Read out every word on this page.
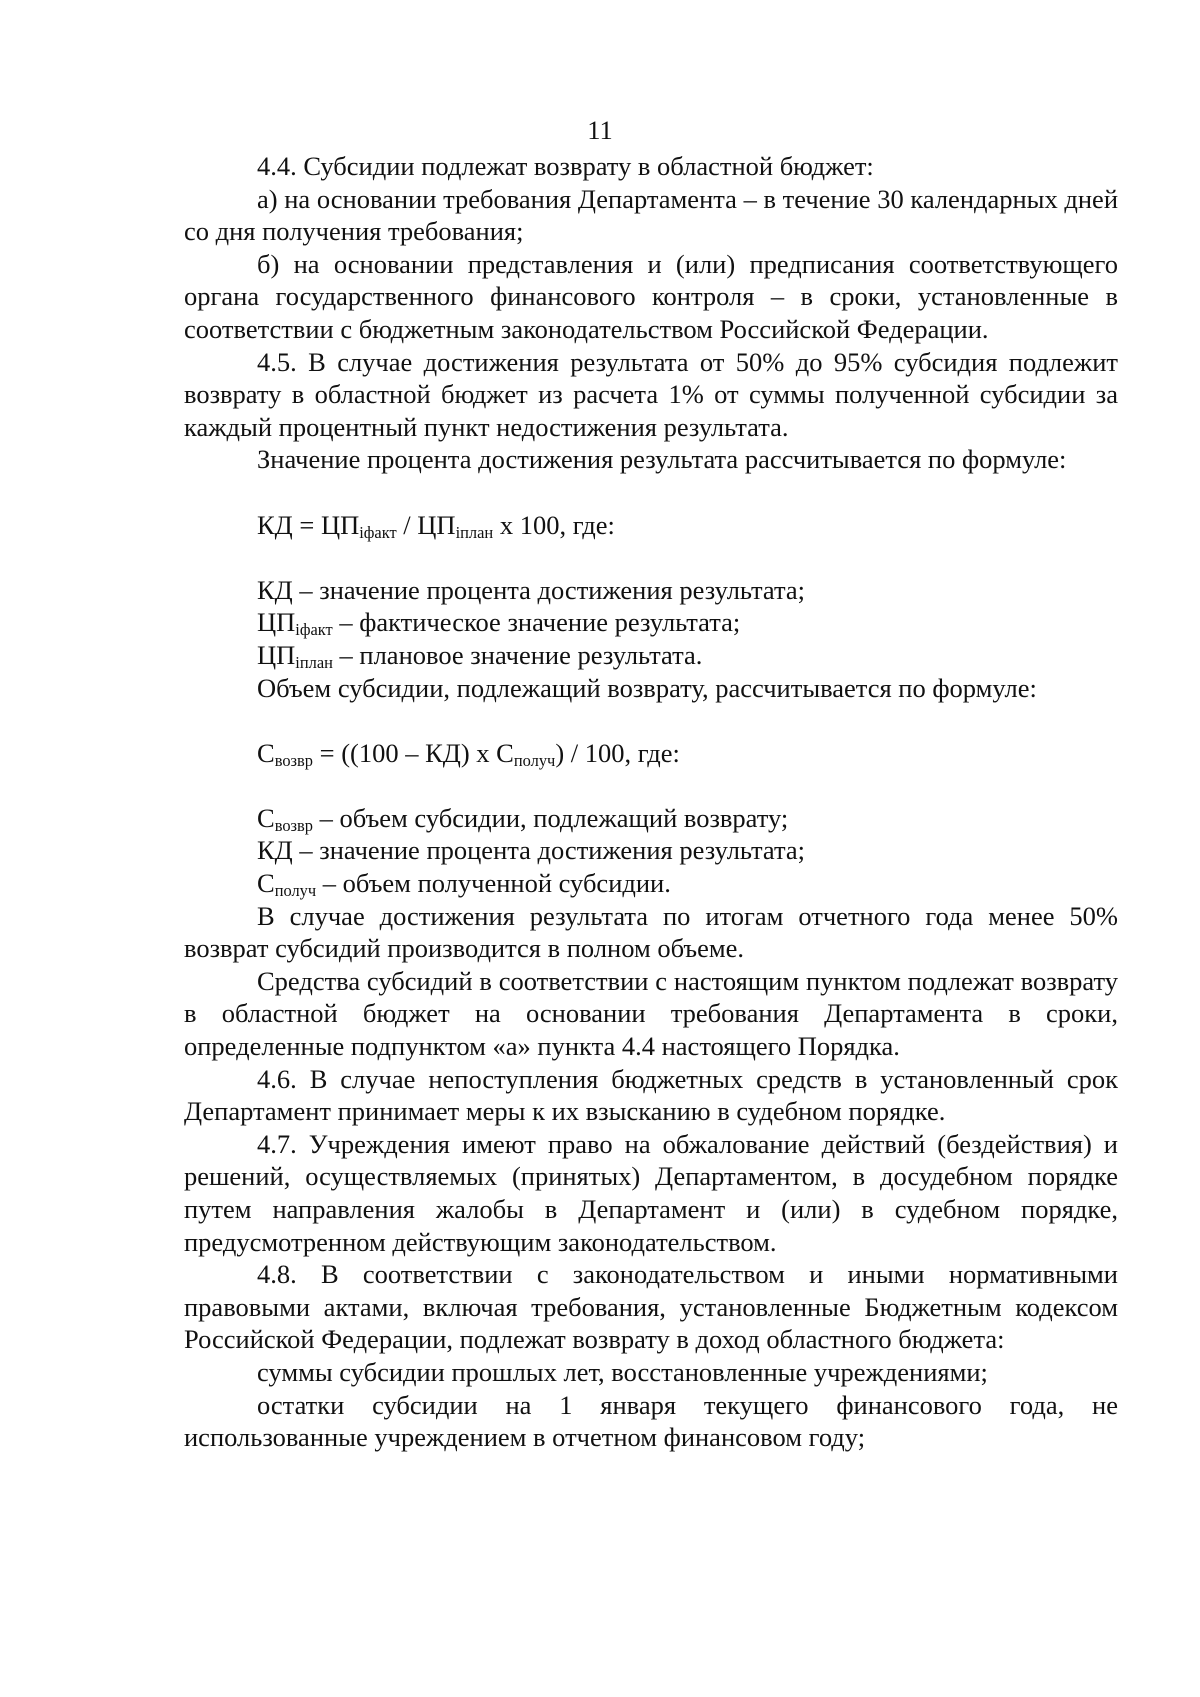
11

4.4. Субсидии подлежат возврату в областной бюджет:

а) на основании требования Департамента – в течение 30 календарных дней со дня получения требования;

б) на основании представления и (или) предписания соответствующего органа государственного финансового контроля – в сроки, установленные в соответствии с бюджетным законодательством Российской Федерации.

4.5. В случае достижения результата от 50% до 95% субсидия подлежит возврату в областной бюджет из расчета 1% от суммы полученной субсидии за каждый процентный пункт недостижения результата.

Значение процента достижения результата рассчитывается по формуле:

КД = $ЦП_{iфакт} / ЦП_{iплан}$ х 100, где:
КД – значение процента достижения результата;
$ЦП_{iфакт}$ – фактическое значение результата;
$ЦП_{iплан}$ – плановое значение результата.
Объем субсидии, подлежащий возврату, рассчитывается по формуле:
$С_{возвр} = ((100 - КД)$ х $С_{получ}) / 100$, где:
$С_{возвр}$ – объем субсидии, подлежащий возврату;
КД – значение процента достижения результата;
$С_{получ}$ – объем полученной субсидии.

В случае достижения результата по итогам отчетного года менее 50% возврат субсидий производится в полном объеме.

Средства субсидий в соответствии с настоящим пунктом подлежат возврату в областной бюджет на основании требования Департамента в сроки, определенные подпунктом «а» пункта 4.4 настоящего Порядка.

4.6. В случае непоступления бюджетных средств в установленный срок Департамент принимает меры к их взысканию в судебном порядке.

4.7. Учреждения имеют право на обжалование действий (бездействия) и решений, осуществляемых (принятых) Департаментом, в досудебном порядке путем направления жалобы в Департамент и (или) в судебном порядке, предусмотренном действующим законодательством.

4.8. В соответствии с законодательством и иными нормативными правовыми актами, включая требования, установленные Бюджетным кодексом Российской Федерации, подлежат возврату в доход областного бюджета:

суммы субсидии прошлых лет, восстановленные учреждениями;

остатки субсидии на 1 января текущего финансового года, не использованные учреждением в отчетном финансовом году;
